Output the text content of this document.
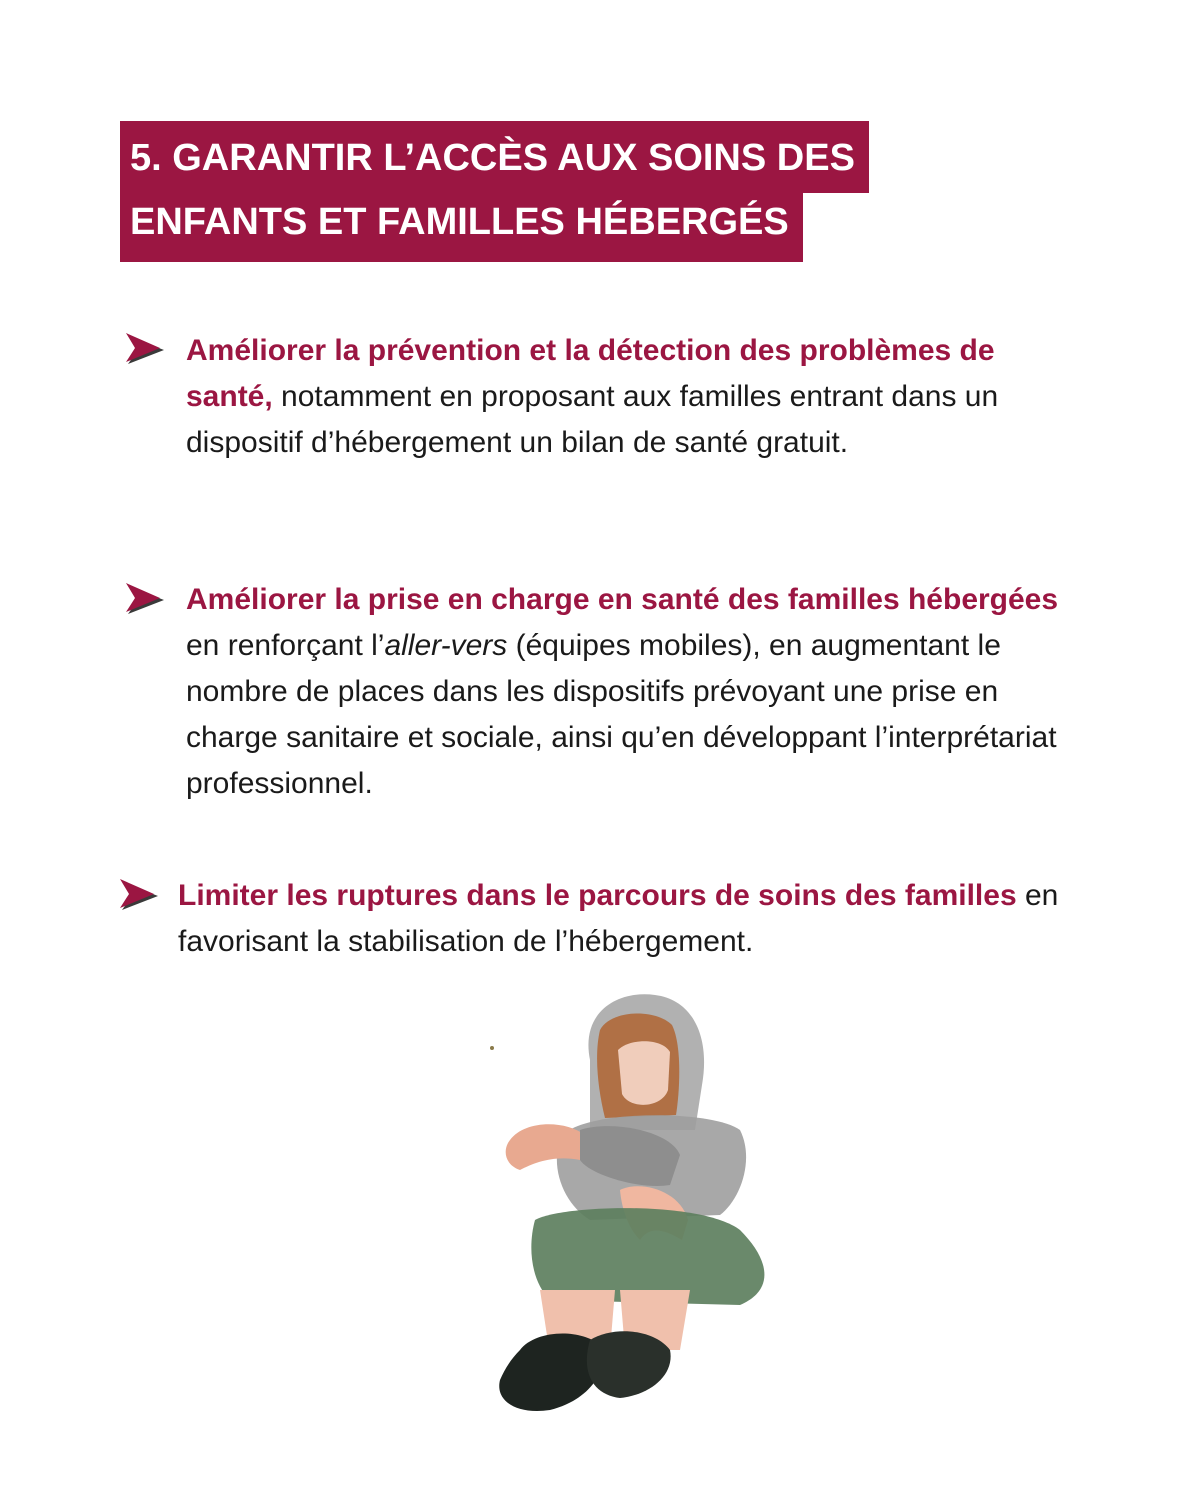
5. GARANTIR L’ACCÈS AUX SOINS DES
ENFANTS ET FAMILLES HÉBERGÉS
Améliorer la prévention et la détection des problèmes de santé, notamment en proposant aux familles entrant dans un dispositif d’hébergement un bilan de santé gratuit.
Améliorer la prise en charge en santé des familles hébergées en renforçant l’aller-vers (équipes mobiles), en augmentant le nombre de places dans les dispositifs prévoyant une prise en charge sanitaire et sociale, ainsi qu’en développant l’interprétariat professionnel.
Limiter les ruptures dans le parcours de soins des familles en favorisant la stabilisation de l’hébergement.
